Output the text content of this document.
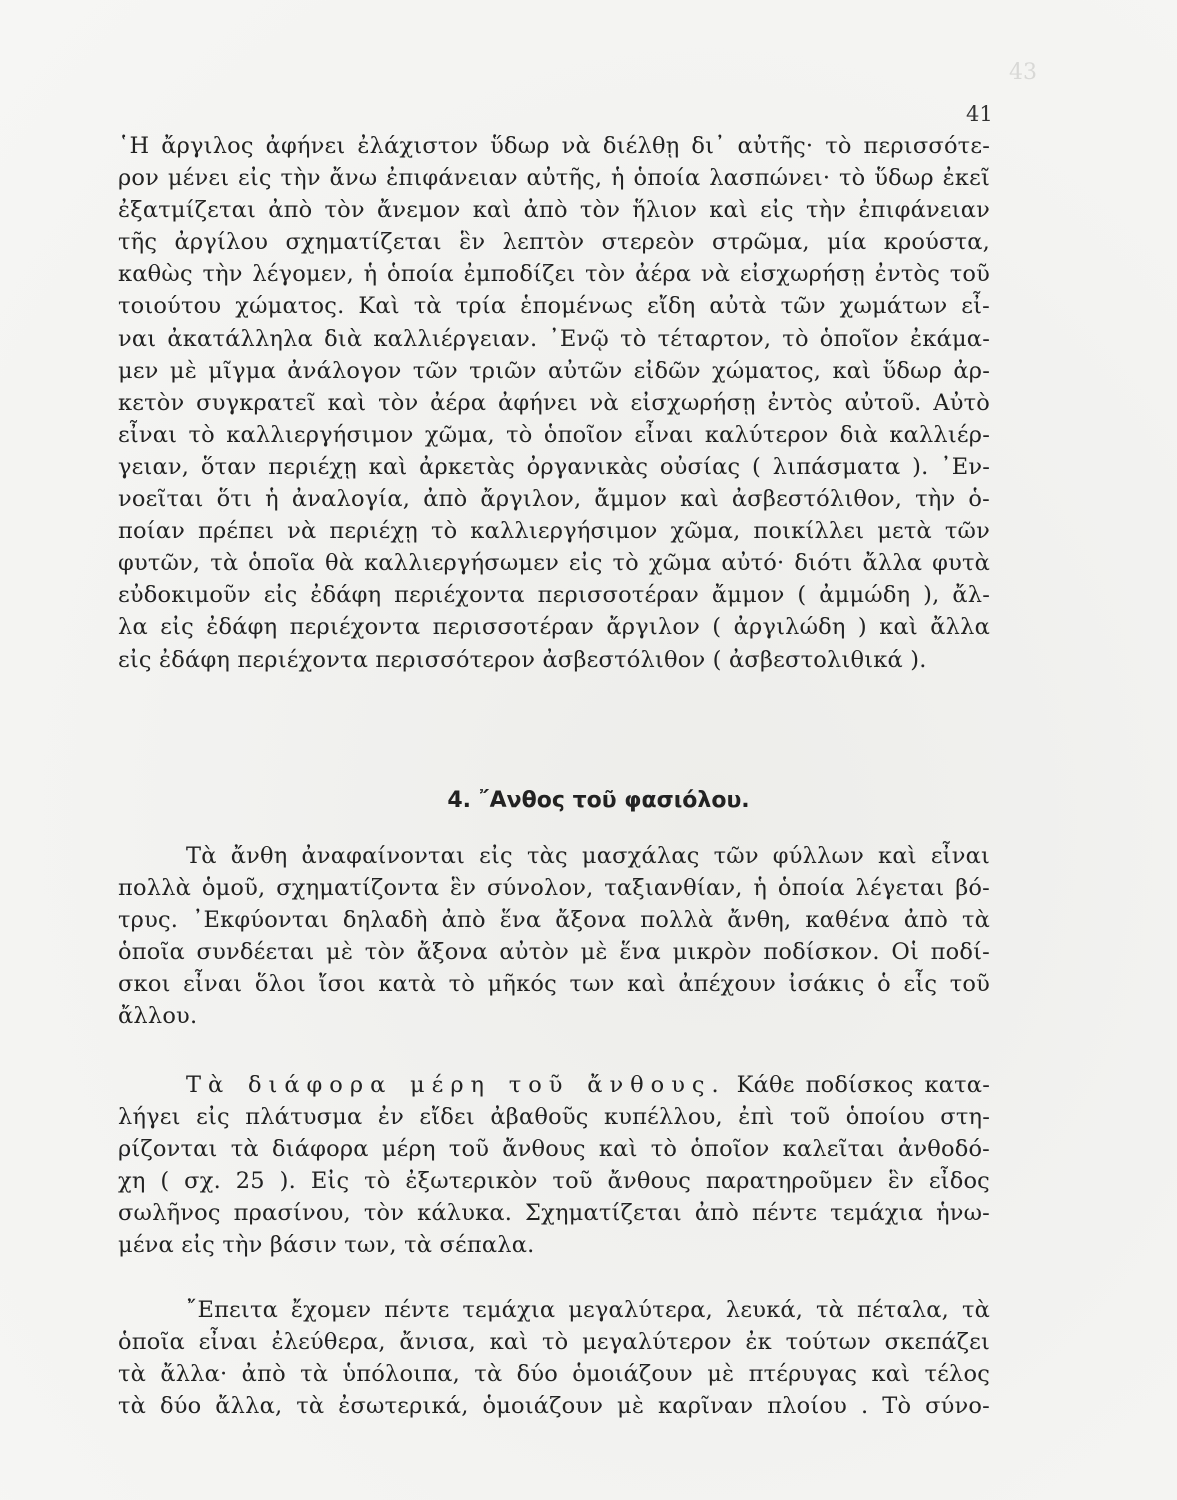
43
41
῾Η ἄργιλος ἀφήνει ἐλάχιστον ὕδωρ νὰ διέλθῃ δι᾿ αὐτῆς· τὸ περισσότε-
ρον μένει εἰς τὴν ἄνω ἐπιφάνειαν αὐτῆς, ἡ ὁποία λασπώνει· τὸ ὕδωρ ἐκεῖ
ἐξατμίζεται ἀπὸ τὸν ἄνεμον καὶ ἀπὸ τὸν ἥλιον καὶ εἰς τὴν ἐπιφάνειαν
τῆς ἀργίλου σχηματίζεται ἓν λεπτὸν στερεὸν στρῶμα, μία κρούστα,
καθὼς τὴν λέγομεν, ἡ ὁποία ἐμποδίζει τὸν ἀέρα νὰ εἰσχωρήσῃ ἐντὸς τοῦ
τοιούτου χώματος. Καὶ τὰ τρία ἑπομένως εἴδη αὐτὰ τῶν χωμάτων εἶ-
ναι ἀκατάλληλα διὰ καλλιέργειαν. ᾿Ενῷ τὸ τέταρτον, τὸ ὁποῖον ἐκάμα-
μεν μὲ μῖγμα ἀνάλογον τῶν τριῶν αὐτῶν εἰδῶν χώματος, καὶ ὕδωρ ἀρ-
κετὸν συγκρατεῖ καὶ τὸν ἀέρα ἀφήνει νὰ εἰσχωρήσῃ ἐντὸς αὐτοῦ. Αὐτὸ
εἶναι τὸ καλλιεργήσιμον χῶμα, τὸ ὁποῖον εἶναι καλύτερον διὰ καλλιέρ-
γειαν, ὅταν περιέχῃ καὶ ἀρκετὰς ὀργανικὰς οὐσίας ( λιπάσματα ). ᾿Εν-
νοεῖται ὅτι ἡ ἀναλογία, ἀπὸ ἄργιλον, ἄμμον καὶ ἀσβεστόλιθον, τὴν ὁ-
ποίαν πρέπει νὰ περιέχῃ τὸ καλλιεργήσιμον χῶμα, ποικίλλει μετὰ τῶν
φυτῶν, τὰ ὁποῖα θὰ καλλιεργήσωμεν εἰς τὸ χῶμα αὐτό· διότι ἄλλα φυτὰ
εὐδοκιμοῦν εἰς ἐδάφη περιέχοντα περισσοτέραν ἄμμον ( ἀμμώδη ), ἄλ-
λα εἰς ἐδάφη περιέχοντα περισσοτέραν ἄργιλον ( ἀργιλώδη ) καὶ ἄλλα
εἰς ἐδάφη περιέχοντα περισσότερον ἀσβεστόλιθον ( ἀσβεστολιθικά ).
4. ῎Ανθος τοῦ φασιόλου.
Τὰ ἄνθη ἀναφαίνονται εἰς τὰς μασχάλας τῶν φύλλων καὶ εἶναι
πολλὰ ὁμοῦ, σχηματίζοντα ἓν σύνολον, ταξιανθίαν, ἡ ὁποία λέγεται βό-
τρυς. ᾿Εκφύονται δηλαδὴ ἀπὸ ἕνα ἄξονα πολλὰ ἄνθη, καθένα ἀπὸ τὰ
ὁποῖα συνδέεται μὲ τὸν ἄξονα αὐτὸν μὲ ἕνα μικρὸν ποδίσκον. Οἱ ποδί-
σκοι εἶναι ὅλοι ἴσοι κατὰ τὸ μῆκός των καὶ ἀπέχουν ἰσάκις ὁ εἷς τοῦ
ἄλλου.
Τὰ διάφορα μέρη τοῦ ἄνθους. Κάθε ποδίσκος κατα-
λήγει εἰς πλάτυσμα ἐν εἴδει ἀβαθοῦς κυπέλλου, ἐπὶ τοῦ ὁποίου στη-
ρίζονται τὰ διάφορα μέρη τοῦ ἄνθους καὶ τὸ ὁποῖον καλεῖται ἀνθοδό-
χη ( σχ. 25 ). Εἰς τὸ ἐξωτερικὸν τοῦ ἄνθους παρατηροῦμεν ἓν εἶδος
σωλῆνος πρασίνου, τὸν κάλυκα. Σχηματίζεται ἀπὸ πέντε τεμάχια ἡνω-
μένα εἰς τὴν βάσιν των, τὰ σέπαλα.
῎Επειτα ἔχομεν πέντε τεμάχια μεγαλύτερα, λευκά, τὰ πέταλα, τὰ
ὁποῖα εἶναι ἐλεύθερα, ἄνισα, καὶ τὸ μεγαλύτερον ἐκ τούτων σκεπάζει
τὰ ἄλλα· ἀπὸ τὰ ὑπόλοιπα, τὰ δύο ὁμοιάζουν μὲ πτέρυγας καὶ τέλος
τὰ δύο ἄλλα, τὰ ἐσωτερικά, ὁμοιάζουν μὲ καρῖναν πλοίου . Τὸ σύνο-
